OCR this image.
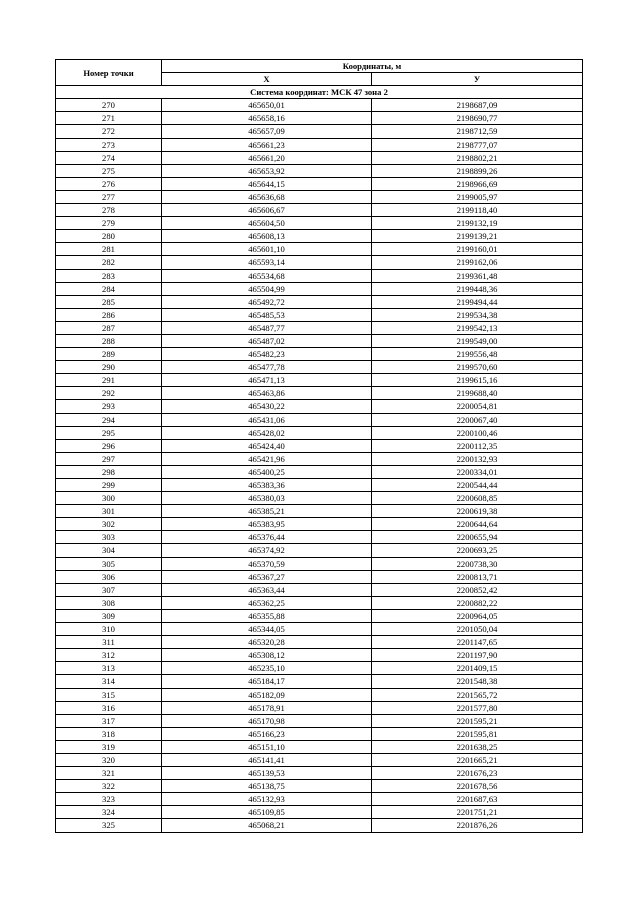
Номер точки	Координаты, м	
	X	У
Система координат: МСК 47 зона 2		
270	465650,01	2198687,09
271	465658,16	2198690,77
272	465657,09	2198712,59
273	465661,23	2198777,07
274	465661,20	2198802,21
275	465653,92	2198899,26
276	465644,15	2198966,69
277	465636,68	2199005,97
278	465606,67	2199118,40
279	465604,50	2199132,19
280	465608,13	2199139,21
281	465601,10	2199160,01
282	465593,14	2199162,06
283	465534,68	2199361,48
284	465504,99	2199448,36
285	465492,72	2199494,44
286	465485,53	2199534,38
287	465487,77	2199542,13
288	465487,02	2199549,00
289	465482,23	2199556,48
290	465477,78	2199570,60
291	465471,13	2199615,16
292	465463,86	2199688,40
293	465430,22	2200054,81
294	465431,06	2200067,40
295	465428,02	2200100,46
296	465424,40	2200112,35
297	465421,96	2200132,93
298	465400,25	2200334,01
299	465383,36	2200544,44
300	465380,03	2200608,85
301	465385,21	2200619,38
302	465383,95	2200644,64
303	465376,44	2200655,94
304	465374,92	2200693,25
305	465370,59	2200738,30
306	465367,27	2200813,71
307	465363,44	2200852,42
308	465362,25	2200882,22
309	465355,88	2200964,05
310	465344,05	2201050,04
311	465320,28	2201147,65
312	465308,12	2201197,90
313	465235,10	2201409,15
314	465184,17	2201548,38
315	465182,09	2201565,72
316	465178,91	2201577,80
317	465170,98	2201595,21
318	465166,23	2201595,81
319	465151,10	2201638,25
320	465141,41	2201665,21
321	465139,53	2201676,23
322	465138,75	2201678,56
323	465132,93	2201687,63
324	465109,85	2201751,21
325	465068,21	2201876,26
